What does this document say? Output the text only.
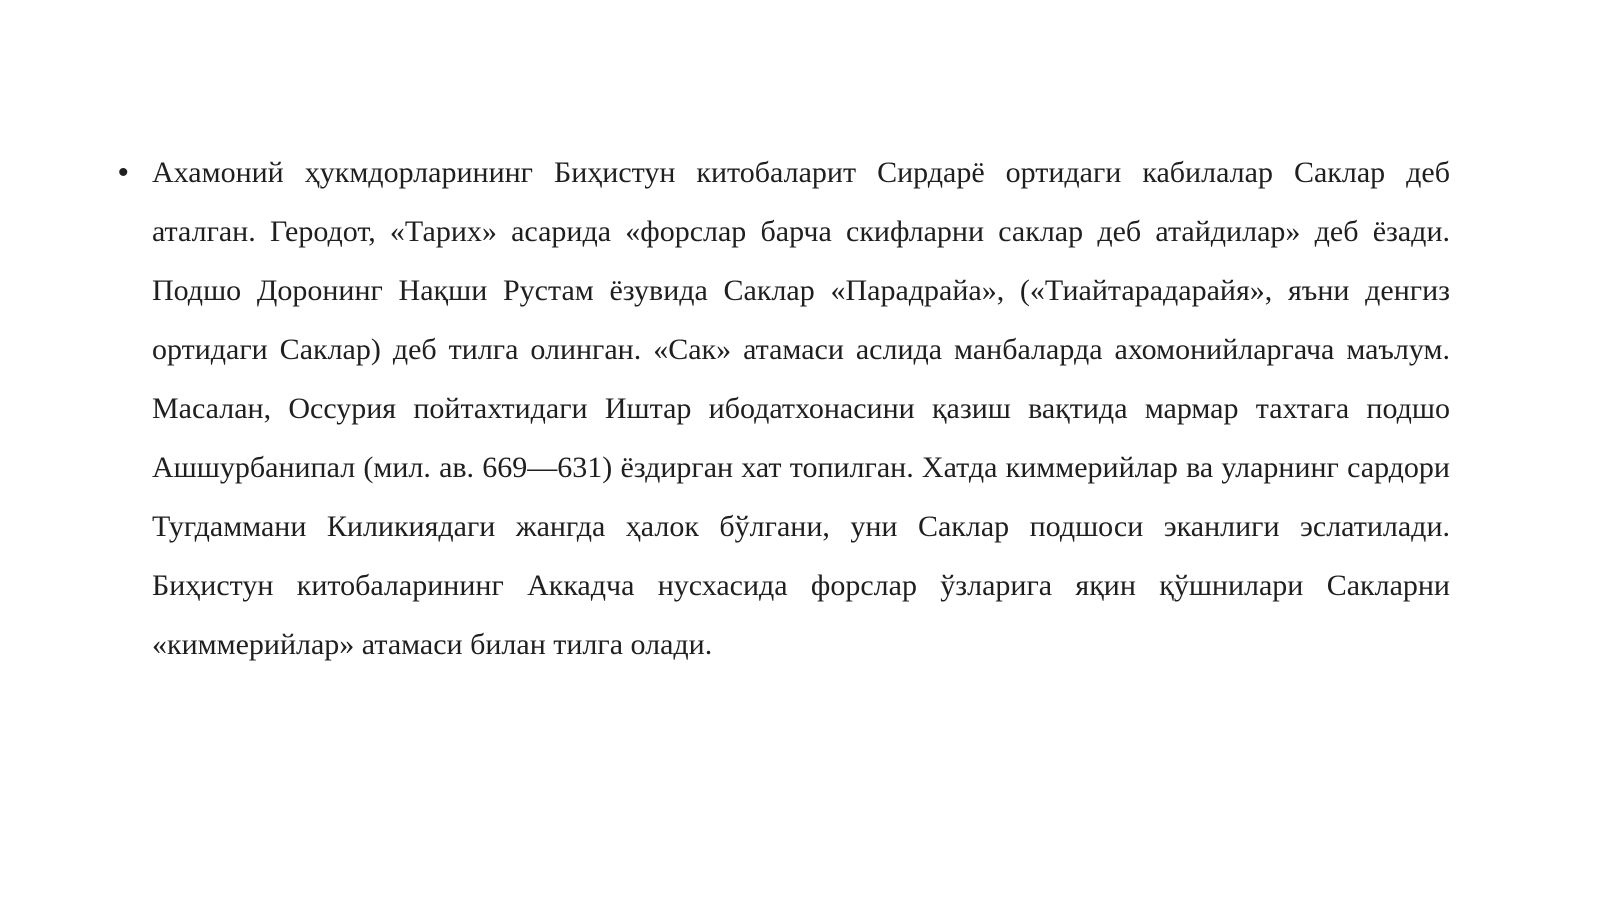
• Ахамоний ҳукмдорларининг Биҳистун китобаларит Сирдарё ортидаги кабилалар Саклар деб аталган. Геродот, «Тарих» асарида «форслар барча скифларни саклар деб атайдилар» деб ёзади. Подшо Доронинг Нақши Рустам ёзувида Саклар «Парадрайа», («Тиайтарадарайя», яъни денгиз ортидаги Саклар) деб тилга олинган. «Сак» атамаси аслида манбаларда ахомонийларгача маълум. Масалан, Оссурия пойтахтидаги Иштар ибодатхонасини қазиш вақтида мармар тахтага подшо Ашшурбанипал (мил. ав. 669—631) ёздирган хат топилган. Хатда киммерийлар ва уларнинг сардори Тугдаммани Киликиядаги жангда ҳалок бўлгани, уни Саклар подшоси эканлиги эслатилади. Биҳистун китобаларининг Аккадча нусхасида форслар ўзларига яқин қўшнилари Сакларни «киммерийлар» атамаси билан тилга олади.
